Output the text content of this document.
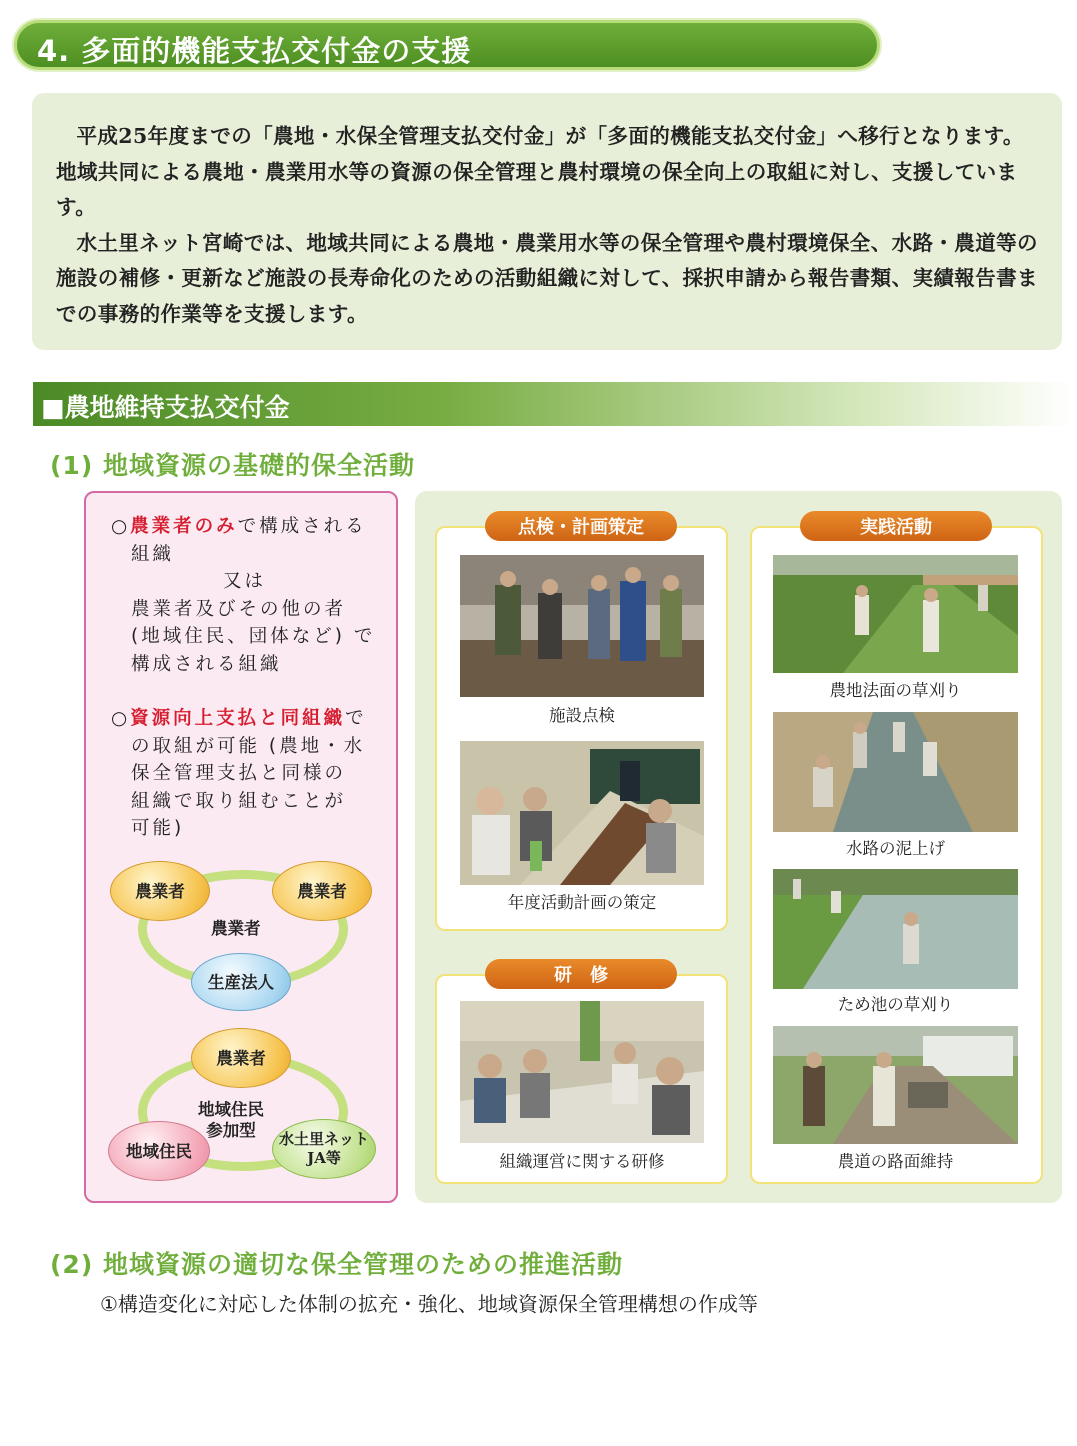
4. 多面的機能支払交付金の支援

平成25年度までの「農地・水保全管理支払交付金」が「多面的機能支払交付金」へ移行となります。地域共同による農地・農業用水等の資源の保全管理と農村環境の保全向上の取組に対し、支援しています。

水土里ネット宮崎では、地域共同による農地・農業用水等の保全管理や農村環境保全、水路・農道等の施設の補修・更新など施設の長寿命化のための活動組織に対して、採択申請から報告書類、実績報告書までの事務的作業等を支援します。

■農地維持支払交付金
(1) 地域資源の基礎的保全活動
○農業者のみで構成される
組織
又は
農業者及びその他の者
(地域住民、団体など) で
構成される組織
○資源向上支払と同組織で
の取組が可能 (農地・水
保全管理支払と同様の
組織で取り組むことが
可能)
農業者	農業者
農業者
生産法人
農業者
地域住民
参加型
地域住民
水土里ネット
JA等
点検・計画策定
施設点検
年度活動計画の策定
研　修
組織運営に関する研修
実践活動
農地法面の草刈り
水路の泥上げ
ため池の草刈り
農道の路面維持
(2) 地域資源の適切な保全管理のための推進活動
①構造変化に対応した体制の拡充・強化、地域資源保全管理構想の作成等
